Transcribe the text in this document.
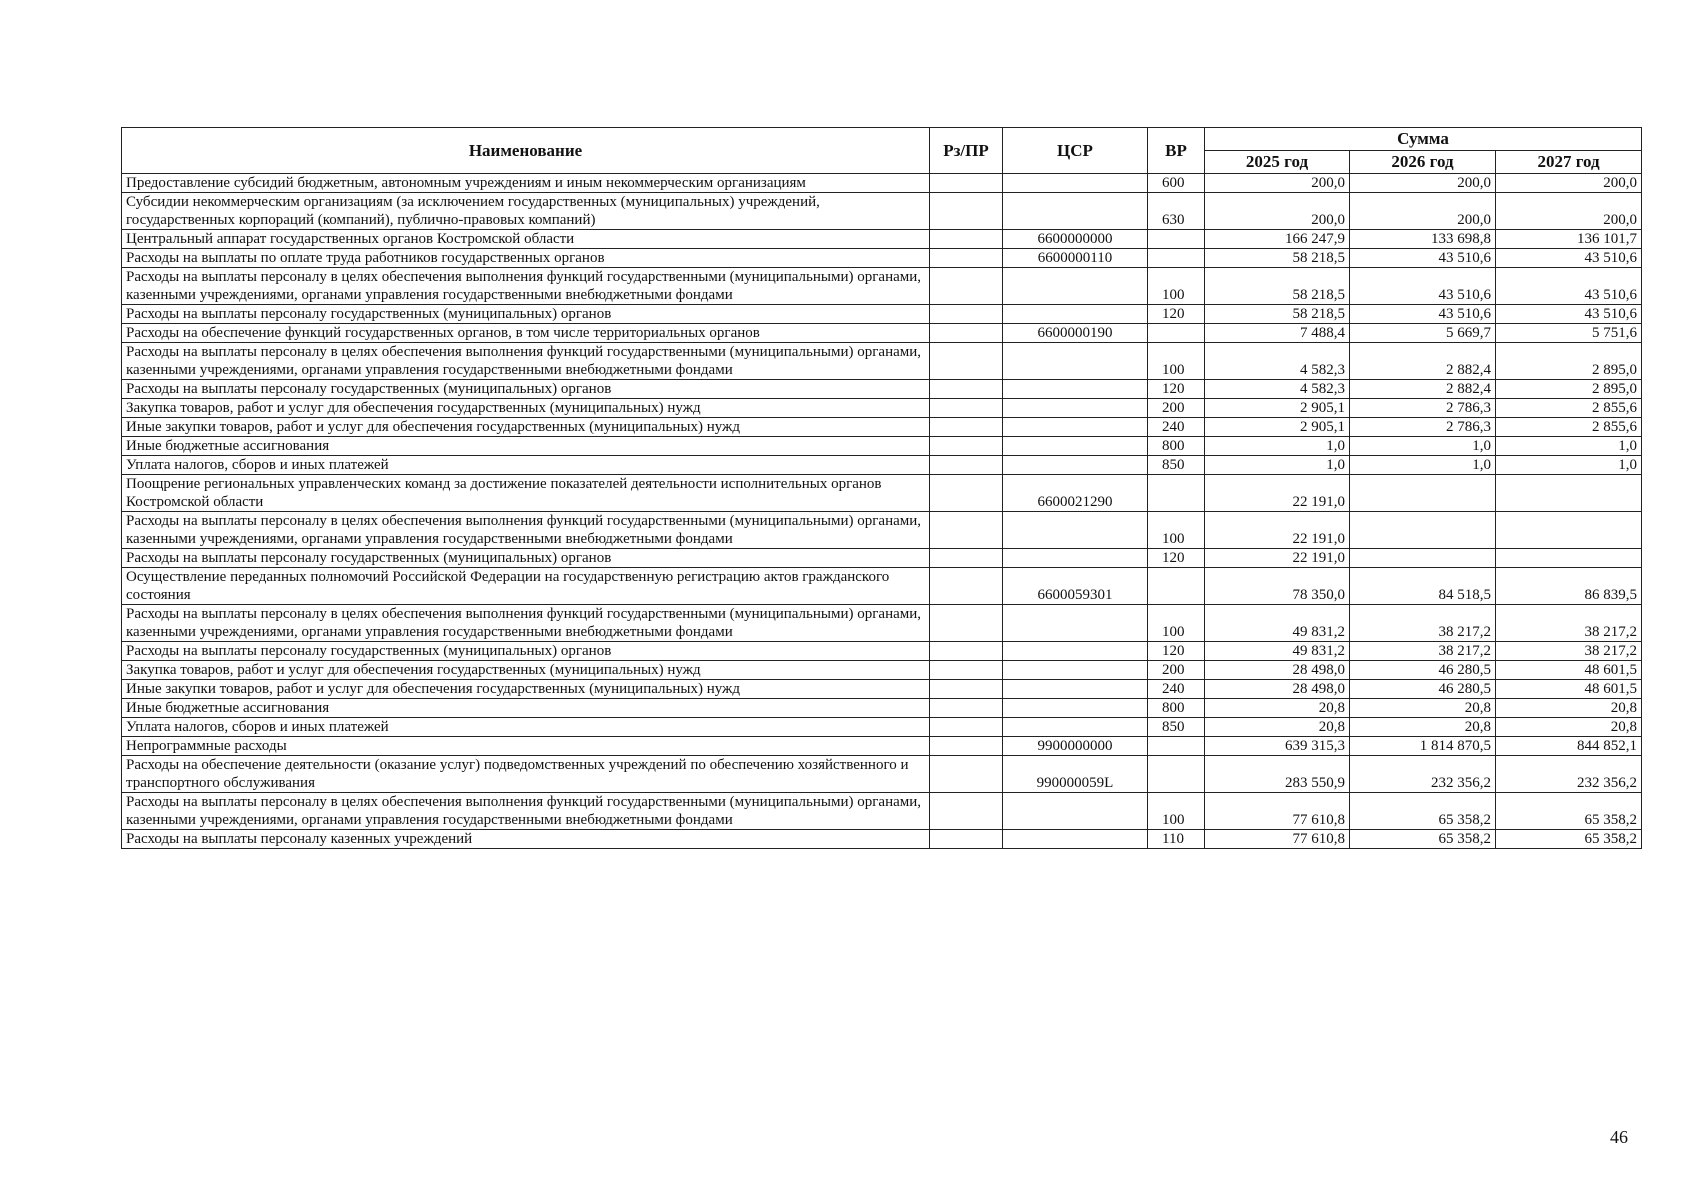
Наименование	Рз/ПР	ЦСР	ВР	Сумма		
				2025 год	2026 год	2027 год
Предоставление субсидий бюджетным, автономным учреждениям и иным некоммерческим организациям			600	200,0	200,0	200,0
Субсидии некоммерческим организациям (за исключением государственных (муниципальных) учреждений, государственных корпораций (компаний), публично-правовых компаний)			630	200,0	200,0	200,0
Центральный аппарат государственных органов Костромской области		6600000000		166 247,9	133 698,8	136 101,7
Расходы на выплаты по оплате труда работников государственных органов		6600000110		58 218,5	43 510,6	43 510,6
Расходы на выплаты персоналу в целях обеспечения выполнения функций государственными (муниципальными) органами, казенными учреждениями, органами управления государственными внебюджетными фондами			100	58 218,5	43 510,6	43 510,6
Расходы на выплаты персоналу государственных (муниципальных) органов			120	58 218,5	43 510,6	43 510,6
Расходы на обеспечение функций государственных органов, в том числе территориальных органов		6600000190		7 488,4	5 669,7	5 751,6
Расходы на выплаты персоналу в целях обеспечения выполнения функций государственными (муниципальными) органами, казенными учреждениями, органами управления государственными внебюджетными фондами			100	4 582,3	2 882,4	2 895,0
Расходы на выплаты персоналу государственных (муниципальных) органов			120	4 582,3	2 882,4	2 895,0
Закупка товаров, работ и услуг для обеспечения государственных (муниципальных) нужд			200	2 905,1	2 786,3	2 855,6
Иные закупки товаров, работ и услуг для обеспечения государственных (муниципальных) нужд			240	2 905,1	2 786,3	2 855,6
Иные бюджетные ассигнования			800	1,0	1,0	1,0
Уплата налогов, сборов и иных платежей			850	1,0	1,0	1,0
Поощрение региональных управленческих команд за достижение показателей деятельности исполнительных органов Костромской области		6600021290		22 191,0		
Расходы на выплаты персоналу в целях обеспечения выполнения функций государственными (муниципальными) органами, казенными учреждениями, органами управления государственными внебюджетными фондами			100	22 191,0		
Расходы на выплаты персоналу государственных (муниципальных) органов			120	22 191,0		
Осуществление переданных полномочий Российской Федерации на государственную регистрацию актов гражданского состояния		6600059301		78 350,0	84 518,5	86 839,5
Расходы на выплаты персоналу в целях обеспечения выполнения функций государственными (муниципальными) органами, казенными учреждениями, органами управления государственными внебюджетными фондами			100	49 831,2	38 217,2	38 217,2
Расходы на выплаты персоналу государственных (муниципальных) органов			120	49 831,2	38 217,2	38 217,2
Закупка товаров, работ и услуг для обеспечения государственных (муниципальных) нужд			200	28 498,0	46 280,5	48 601,5
Иные закупки товаров, работ и услуг для обеспечения государственных (муниципальных) нужд			240	28 498,0	46 280,5	48 601,5
Иные бюджетные ассигнования			800	20,8	20,8	20,8
Уплата налогов, сборов и иных платежей			850	20,8	20,8	20,8
Непрограммные расходы		9900000000		639 315,3	1 814 870,5	844 852,1
Расходы на обеспечение деятельности (оказание услуг) подведомственных учреждений по обеспечению хозяйственного и транспортного обслуживания		990000059L		283 550,9	232 356,2	232 356,2
Расходы на выплаты персоналу в целях обеспечения выполнения функций государственными (муниципальными) органами, казенными учреждениями, органами управления государственными внебюджетными фондами			100	77 610,8	65 358,2	65 358,2
Расходы на выплаты персоналу казенных учреждений			110	77 610,8	65 358,2	65 358,2
46
